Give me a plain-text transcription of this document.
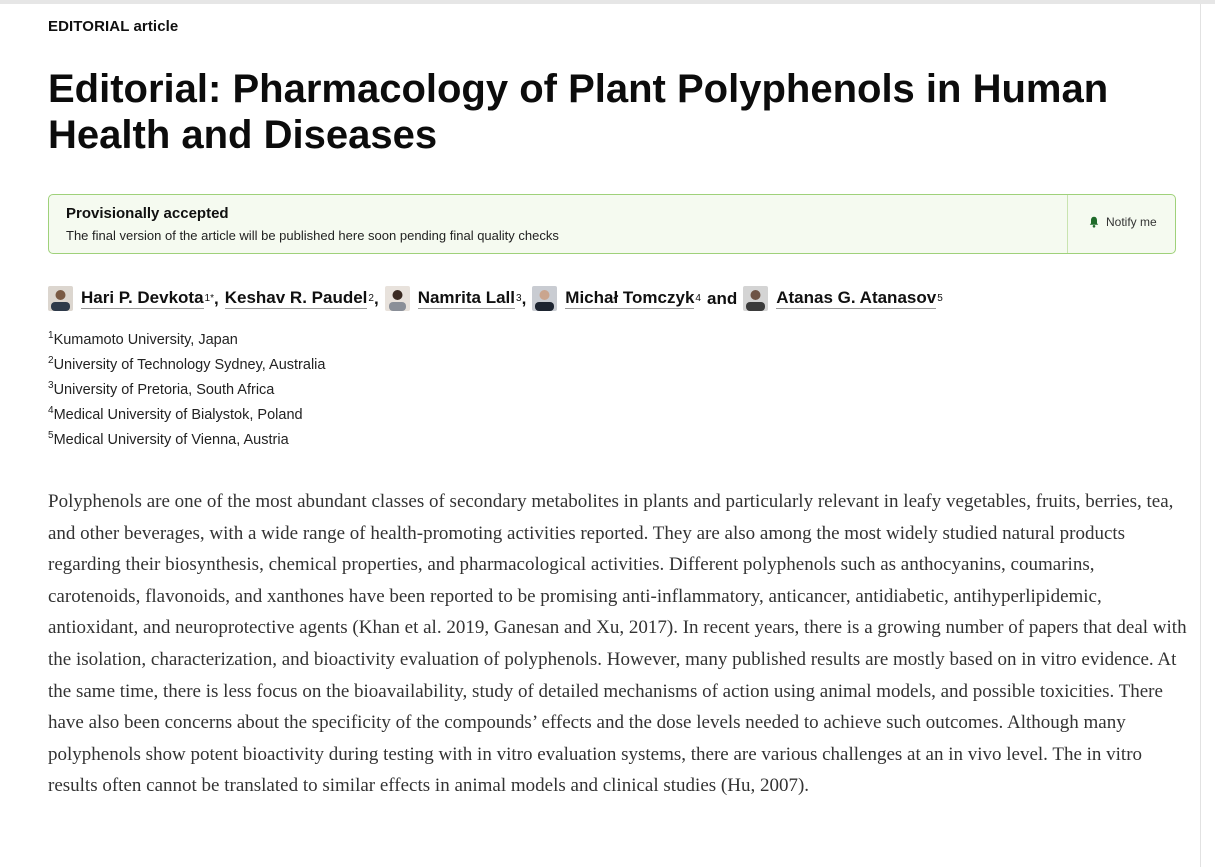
EDITORIAL article
Editorial: Pharmacology of Plant Polyphenols in Human Health and Diseases
Provisionally accepted
The final version of the article will be published here soon pending final quality checks
Notify me
Hari P. Devkota 1* , Keshav R. Paudel 2 , Namrita Lall 3 , Michał Tomczyk 4 and Atanas G. Atanasov 5
$^1$Kumamoto University, Japan
$^2$University of Technology Sydney, Australia
$^3$University of Pretoria, South Africa
$^4$Medical University of Bialystok, Poland
$^5$Medical University of Vienna, Austria

Polyphenols are one of the most abundant classes of secondary metabolites in plants and particularly relevant in leafy vegetables, fruits, berries, tea, and other beverages, with a wide range of health-promoting activities reported. They are also among the most widely studied natural products regarding their biosynthesis, chemical properties, and pharmacological activities. Different polyphenols such as anthocyanins, coumarins, carotenoids, flavonoids, and xanthones have been reported to be promising anti-inflammatory, anticancer, antidiabetic, antihyperlipidemic, antioxidant, and neuroprotective agents (Khan et al. 2019, Ganesan and Xu, 2017). In recent years, there is a growing number of papers that deal with the isolation, characterization, and bioactivity evaluation of polyphenols. However, many published results are mostly based on in vitro evidence. At the same time, there is less focus on the bioavailability, study of detailed mechanisms of action using animal models, and possible toxicities. There have also been concerns about the specificity of the compounds’ effects and the dose levels needed to achieve such outcomes. Although many polyphenols show potent bioactivity during testing with in vitro evaluation systems, there are various challenges at an in vivo level. The in vitro results often cannot be translated to similar effects in animal models and clinical studies (Hu, 2007).
